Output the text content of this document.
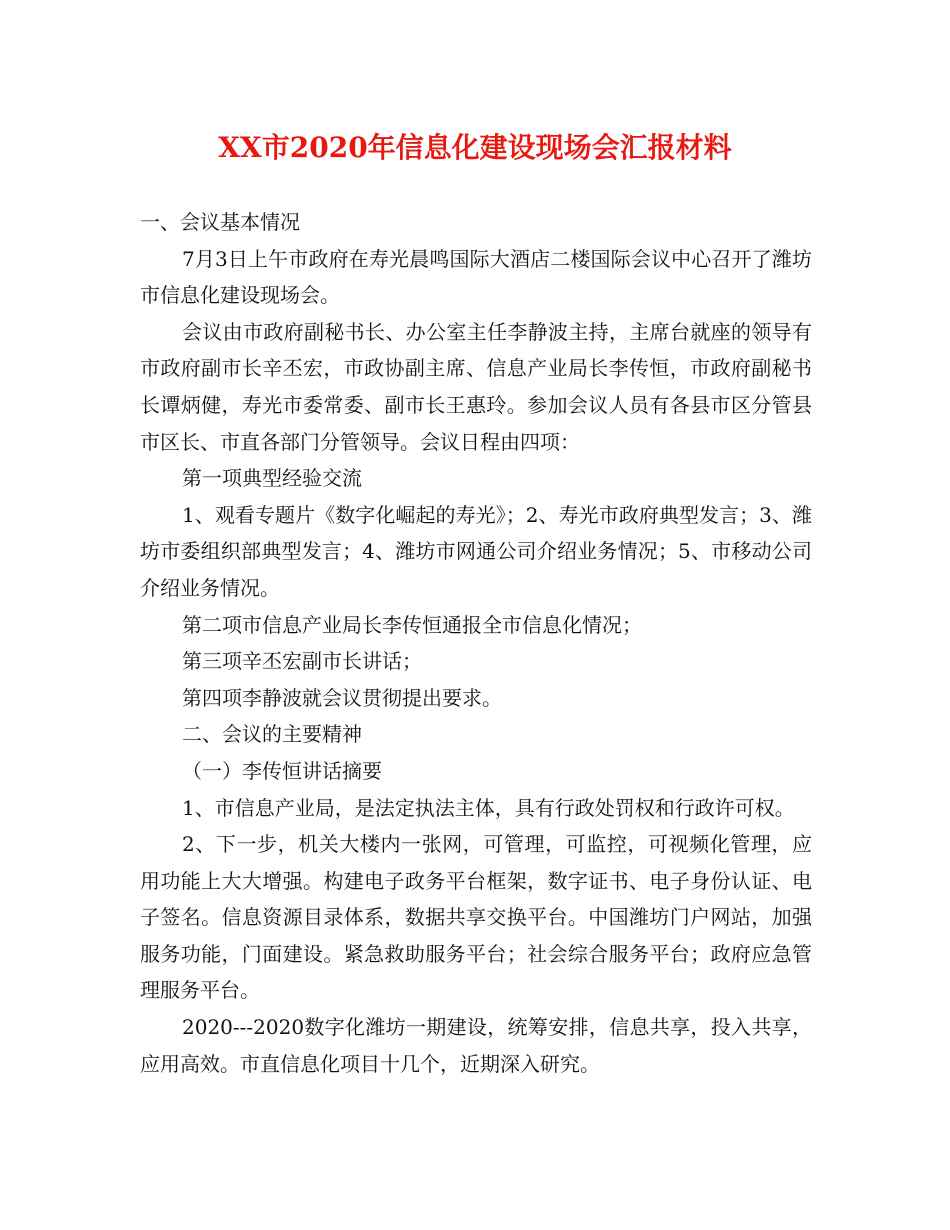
XX市2020年信息化建设现场会汇报材料

一、会议基本情况

7月3日上午市政府在寿光晨鸣国际大酒店二楼国际会议中心召开了潍坊市信息化建设现场会。

会议由市政府副秘书长、办公室主任李静波主持，主席台就座的领导有市政府副市长辛丕宏，市政协副主席、信息产业局长李传恒，市政府副秘书长谭炳健，寿光市委常委、副市长王惠玲。参加会议人员有各县市区分管县市区长、市直各部门分管领导。会议日程由四项：

第一项典型经验交流

1、观看专题片《数字化崛起的寿光》；2、寿光市政府典型发言；3、潍坊市委组织部典型发言；4、潍坊市网通公司介绍业务情况；5、市移动公司介绍业务情况。

第二项市信息产业局长李传恒通报全市信息化情况；

第三项辛丕宏副市长讲话；

第四项李静波就会议贯彻提出要求。

二、会议的主要精神

（一）李传恒讲话摘要

1、市信息产业局，是法定执法主体，具有行政处罚权和行政许可权。

2、下一步，机关大楼内一张网，可管理，可监控，可视频化管理，应用功能上大大增强。构建电子政务平台框架，数字证书、电子身份认证、电子签名。信息资源目录体系，数据共享交换平台。中国潍坊门户网站，加强服务功能，门面建设。紧急救助服务平台；社会综合服务平台；政府应急管理服务平台。

2020---2020数字化潍坊一期建设，统筹安排，信息共享，投入共享，应用高效。市直信息化项目十几个，近期深入研究。
